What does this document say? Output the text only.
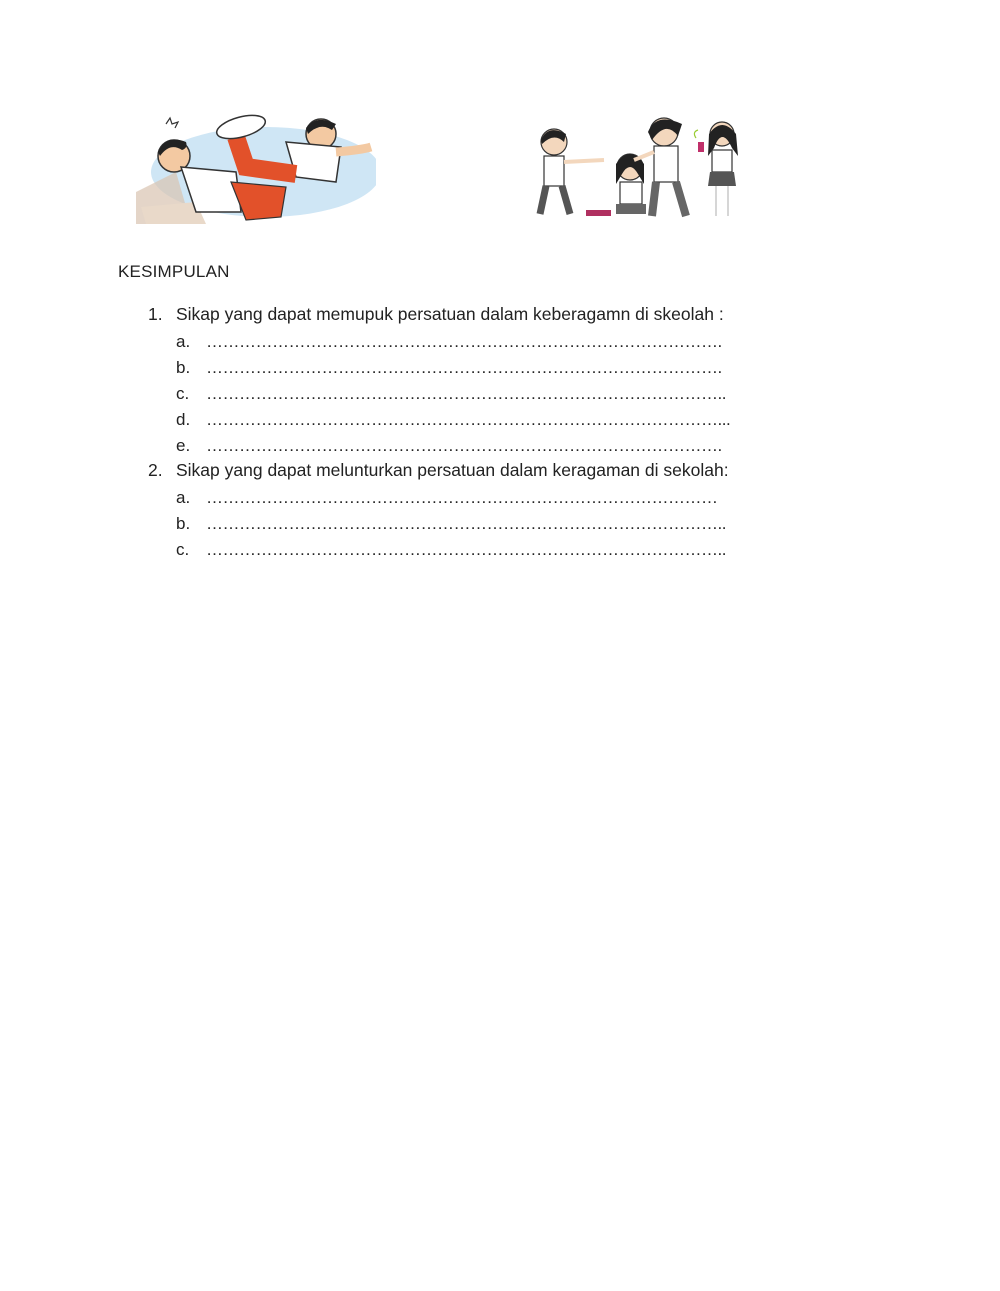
KESIMPULAN
1. Sikap yang dapat memupuk persatuan dalam keberagamn di skeolah :
a. ………………………………………………………………………………….
b. ………………………………………………………………………………….
c. …………………………………………………………………………………..
d. …………………………………………………………………………………...
e. ………………………………………………………………………………….
2. Sikap yang dapat melunturkan persatuan dalam keragaman di sekolah:
a. …………………………………………………………………………………
b. …………………………………………………………………………………..
c. …………………………………………………………………………………..
